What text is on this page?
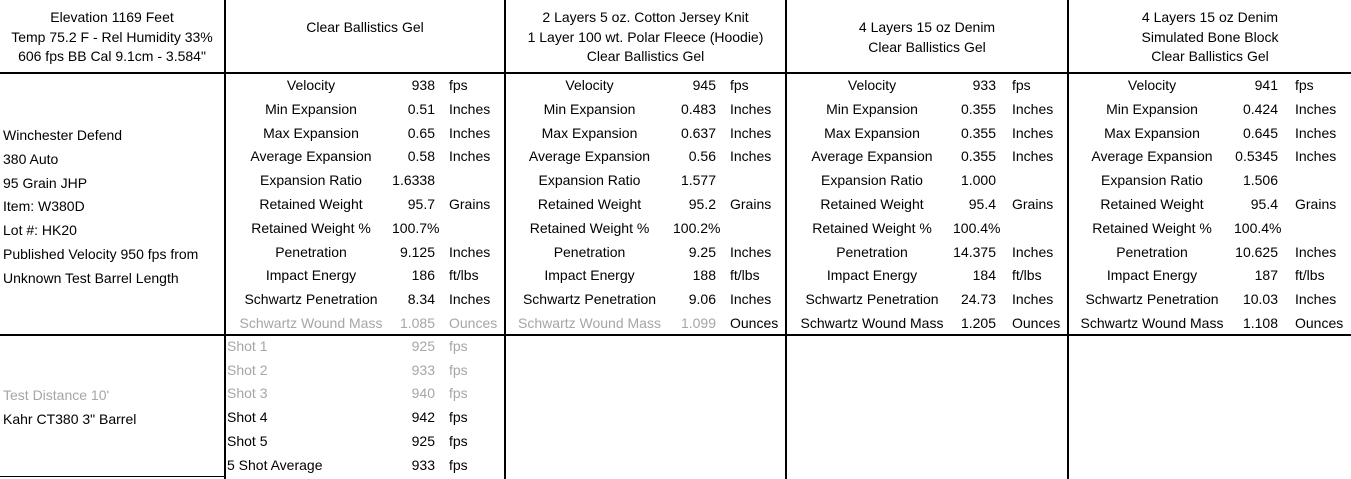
Elevation 1169 Feet
Temp 75.2 F - Rel Humidity 33%
606 fps BB Cal 9.1cm - 3.584"
Clear Ballistics Gel
2 Layers 5 oz. Cotton Jersey Knit
1 Layer 100 wt. Polar Fleece (Hoodie)
Clear Ballistics Gel
4 Layers 15 oz Denim
Clear Ballistics Gel
4 Layers 15 oz Denim
Simulated Bone Block
Clear Ballistics Gel
Winchester Defend
380 Auto
95 Grain JHP
Item: W380D
Lot #: HK20
Published Velocity 950 fps from
Unknown Test Barrel Length
Test Distance 10'
Kahr CT380 3" Barrel
Velocity	938 fps
Min Expansion	0.51 Inches
Max Expansion	0.65 Inches
Average Expansion	0.58 Inches
Expansion Ratio	1.6338
Retained Weight	95.7 Grains
Retained Weight %	100.7%
Penetration	9.125 Inches
Impact Energy	186 ft/lbs
Schwartz Penetration	8.34 Inches
Schwartz Wound Mass	1.085 Ounces
Velocity	945 fps
Min Expansion	0.483 Inches
Max Expansion	0.637 Inches
Average Expansion	0.56 Inches
Expansion Ratio	1.577
Retained Weight	95.2 Grains
Retained Weight %	100.2%
Penetration	9.25 Inches
Impact Energy	188 ft/lbs
Schwartz Penetration	9.06 Inches
Schwartz Wound Mass	1.099 Ounces
Velocity	933 fps
Min Expansion	0.355 Inches
Max Expansion	0.355 Inches
Average Expansion	0.355 Inches
Expansion Ratio	1.000
Retained Weight	95.4 Grains
Retained Weight %	100.4%
Penetration	14.375 Inches
Impact Energy	184 ft/lbs
Schwartz Penetration	24.73 Inches
Schwartz Wound Mass	1.205 Ounces
Velocity	941 fps
Min Expansion	0.424 Inches
Max Expansion	0.645 Inches
Average Expansion	0.5345 Inches
Expansion Ratio	1.506
Retained Weight	95.4 Grains
Retained Weight %	100.4%
Penetration	10.625 Inches
Impact Energy	187 ft/lbs
Schwartz Penetration	10.03 Inches
Schwartz Wound Mass	1.108 Ounces
Shot 1	925 fps
Shot 2	933 fps
Shot 3	940 fps
Shot 4	942 fps
Shot 5	925 fps
5 Shot Average	933 fps
